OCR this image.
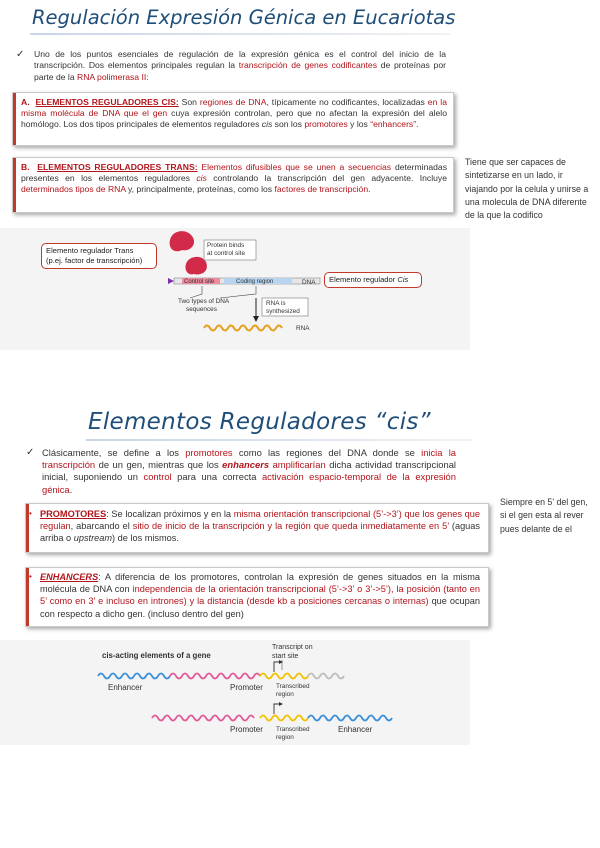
Regulación Expresión Génica en Eucariotas
✓ Uno de los puntos esenciales de regulación de la expresión génica es el control del inicio de la transcripción. Dos elementos principales regulan la transcripción de genes codificantes de proteínas por parte de la RNA polimerasa II:
A. ELEMENTOS REGULADORES CIS: Son regiones de DNA, típicamente no codificantes, localizadas en la misma molécula de DNA que el gen cuya expresión controlan, pero que no afectan la expresión del alelo homólogo. Los dos tipos principales de elementos reguladores cis son los promotores y los “enhancers”.
B. ELEMENTOS REGULADORES TRANS: Elementos difusibles que se unen a secuencias determinadas presentes en los elementos reguladores cis controlando la transcripción del gen adyacente. Incluye determinados tipos de RNA y, principalmente, proteínas, como los factores de transcripción.
Tiene que ser capaces de sintetizarse en un lado, ir viajando por la celula y unirse a una molecula de DNA diferente de la que la codifico
Elemento regulador Trans
(p.ej. factor de transcripción)
Elemento regulador Cis
Protein binds
at control site
Control site	Coding region	DNA
Two types of DNA
sequences
RNA is
synthesized
RNA
Elementos Reguladores “cis”
✓ Clásicamente, se define a los promotores como las regiones del DNA donde se inicia la transcripción de un gen, mientras que los enhancers amplificarían dicha actividad transcripcional inicial, suponiendo un control para una correcta activación espacio-temporal de la expresión génica.
PROMOTORES: Se localizan próximos y en la misma orientación transcripcional (5’->3’) que los genes que regulan, abarcando el sitio de inicio de la transcripción y la región que queda inmediatamente en 5’ (aguas arriba o upstream) de los mismos.
•
Siempre en 5' del gen, si el gen esta al rever pues delante de el
ENHANCERS: A diferencia de los promotores, controlan la expresión de genes situados en la misma molécula de DNA con independencia de la orientación transcripcional (5’->3’ o 3’->5’), la posición (tanto en 5’ como en 3’ e incluso en intrones) y la distancia (desde kb a posiciones cercanas o internas) que ocupan con respecto a dicho gen. (incluso dentro del gen)
•
cis-acting elements of a gene
Transcript on
start site
Enhancer	Promoter Transcribed
region
Promoter Transcribed
region
Enhancer
